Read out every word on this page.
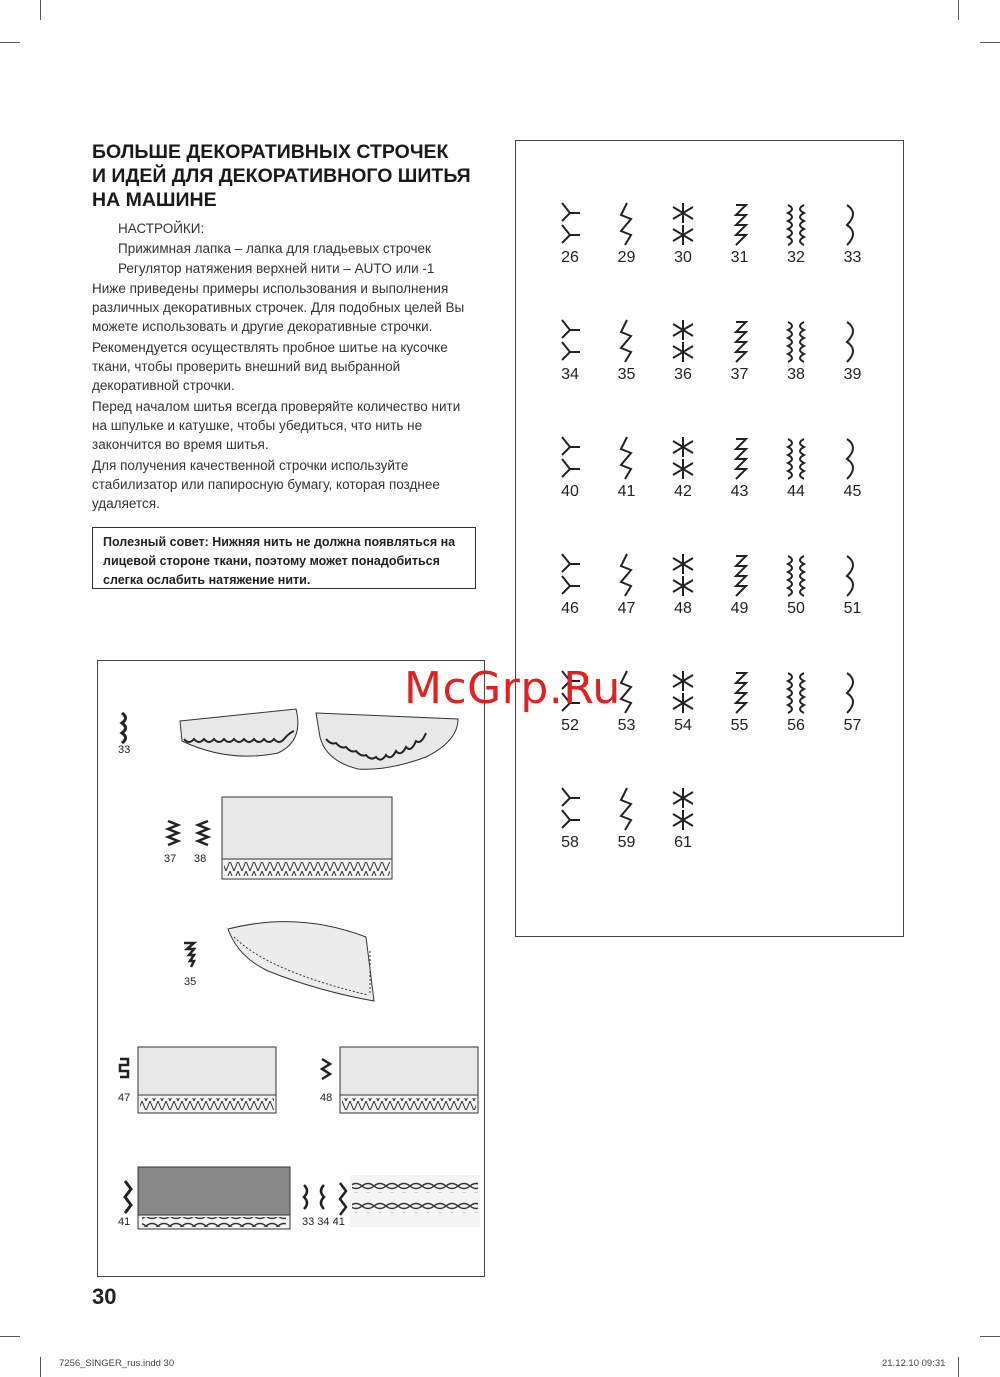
БОЛЬШЕ ДЕКОРАТИВНЫХ СТРОЧЕК
И ИДЕЙ ДЛЯ ДЕКОРАТИВНОГО ШИТЬЯ
НА МАШИНЕ
НАСТРОЙКИ:
Прижимная лапка – лапка для гладьевых строчек
Регулятор натяжения верхней нити – AUTO или -1

Ниже приведены примеры использования и выполнения различных декоративных строчек. Для подобных целей Вы можете использовать и другие декоративные строчки.

Рекомендуется осуществлять пробное шитье на кусочке ткани, чтобы проверить внешний вид выбранной декоративной строчки.

Перед началом шитья всегда проверяйте количество нити на шпульке и катушке, чтобы убедиться, что нить не закончится во время шитья.

Для получения качественной строчки используйте стабилизатор или папиросную бумагу, которая позднее удаляется.

Полезный совет: Нижняя нить не должна появляться на лицевой стороне ткани, поэтому может понадобиться слегка ослабить натяжение нити.
33
37 38
35
47	48
41	33 34 41
26	29	30	31	32	33
34	35	36	37	38	39
40	41	42	43	44	45
46	47	48	49	50	51
52	53	54	55	56	57
58	59	61
McGrp.Ru
30
7256_SINGER_rus.indd 30	21.12.10 09:31
